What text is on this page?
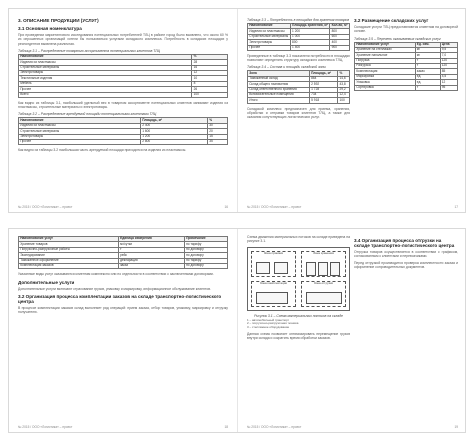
3. ОПИСАНИЕ ПРОДУКЦИИ (УСЛУГ)
3.1 Основная номенклатура

При проведении маркетингового исследования потенциальных потребителей ТЛЦ в районе город было выявлено, что около 60 % из опрошенных организаций хотели бы пользоваться услугами складского комплекса. Потребность в складских площадях у респондентов выявлена различная.

Таблица 3.1 – Распределение товарного ассортимента потенциальных клиентов ТЛЦ
Наименование	%
Изделия из пластмассы	28
Строительные материалы	16
Электротовары	12
Текстильные изделия	10
Мебель	8
Прочее	26
Всего	100

Как видно из таблицы 3.1, наибольший удельный вес в товарном ассортименте потенциальных клиентов занимают изделия из пластмассы, строительные материалы и электротовары.

Таблица 3.2 – Распределение арендуемой площади потенциальными клиентами ТЛЦ
Наименование	Площадь, м²	%
Изделия из пластмассы	2 400	30
Строительные материалы	1 600	20
Электротовары	1 200	15
Прочее	2 800	35

Как видно из таблицы 3.2 наибольшая часть арендуемой площади приходится на изделия из пластмассы.

№ 2015 / ООО «Логистика» – проект	16
Таблица 3.3 – Потребность в площадях для хранения товаров
Наименование	Площадь хранения, м²	Кол-во, м²
Изделия из пластмассы	1 200	800
Строительные материалы	1 000	600
Электротовары	800	400
Прочее	1 400	900

Приведенные в таблице 3.3 показатели потребности в площадях позволяют определить структуру складского комплекса ТЛЦ.

Таблица 3.4 – Состав и площадь складской зоны
Зона	Площадь, м²	%
Таможенный склад	864	14,6
Склад общего назначения	2 592	43,8
Склад ответственного хранения	1 728	29,2
Вспомогательные помещения	734	12,4
Итого	5 918	100

Складской комплекс предназначен для приема, хранения, обработки и отправки товаров клиентов ТЛЦ, а также для оказания сопутствующих логистических услуг.

3.2 Размещение складских услуг

Складские услуги ТЛЦ предоставляются клиентам на договорной основе.

Таблица 3.5 – Перечень оказываемых складских услуг
Наименование услуг	Ед. изм.	Цена
Хранение на стеллажах	м²	9,5
Хранение напольное	м²	7,0
Погрузка	т	120
Разгрузка	т	120
Комплектация	заказ	85
Маркировка	ед.	4,5
Упаковка	ед.	12
Сортировка	т	95
№ 2015 / ООО «Логистика» – проект	17
Наименование услуг	Единица измерения	Примечание
Хранение товаров	м²/сутки	по тарифу
Погрузочно-разгрузочные работы	т	по договору
Экспедирование	рейс	по договору
Таможенное оформление	декларация	по тарифу
Комплектация заказов	заказ	по договору

Указанные виды услуг оказываются клиентам комплексно или по отдельности в соответствии с заключенными договорами.

Дополнительные услуги

Дополнительные услуги включают страхование грузов, упаковку и маркировку, информационное обслуживание клиентов.

3.2 Организация процесса комплектации заказов на складе транспортно-логистического центра

В процессе комплектации заказов склад выполняет ряд операций: прием заказа, отбор товаров, упаковку, маркировку и отгрузку получателю.

№ 2015 / ООО «Логистика» – проект	18

Схема движения материальных потоков на складе приведена на рисунке 3.1.

Зона приемки	Зона хранения
Зона комплектации	Зона отгрузки
Рисунок 3.1 – Схема материальных потоков на складе
1 – автомобильный транспорт
2 – погрузочно-разгрузочная техника
3 – стеллажное оборудование

Данная схема позволяет оптимизировать перемещение грузов внутри склада и сократить время обработки заказов.

3.4 Организация процесса отгрузки на складе транспортно-логистического центра

Отгрузка товаров осуществляется в соответствии с графиком, согласованным с клиентами и перевозчиками.

Перед отгрузкой производится проверка комплектности заказа и оформление сопроводительных документов.

№ 2015 / ООО «Логистика» – проект	19
